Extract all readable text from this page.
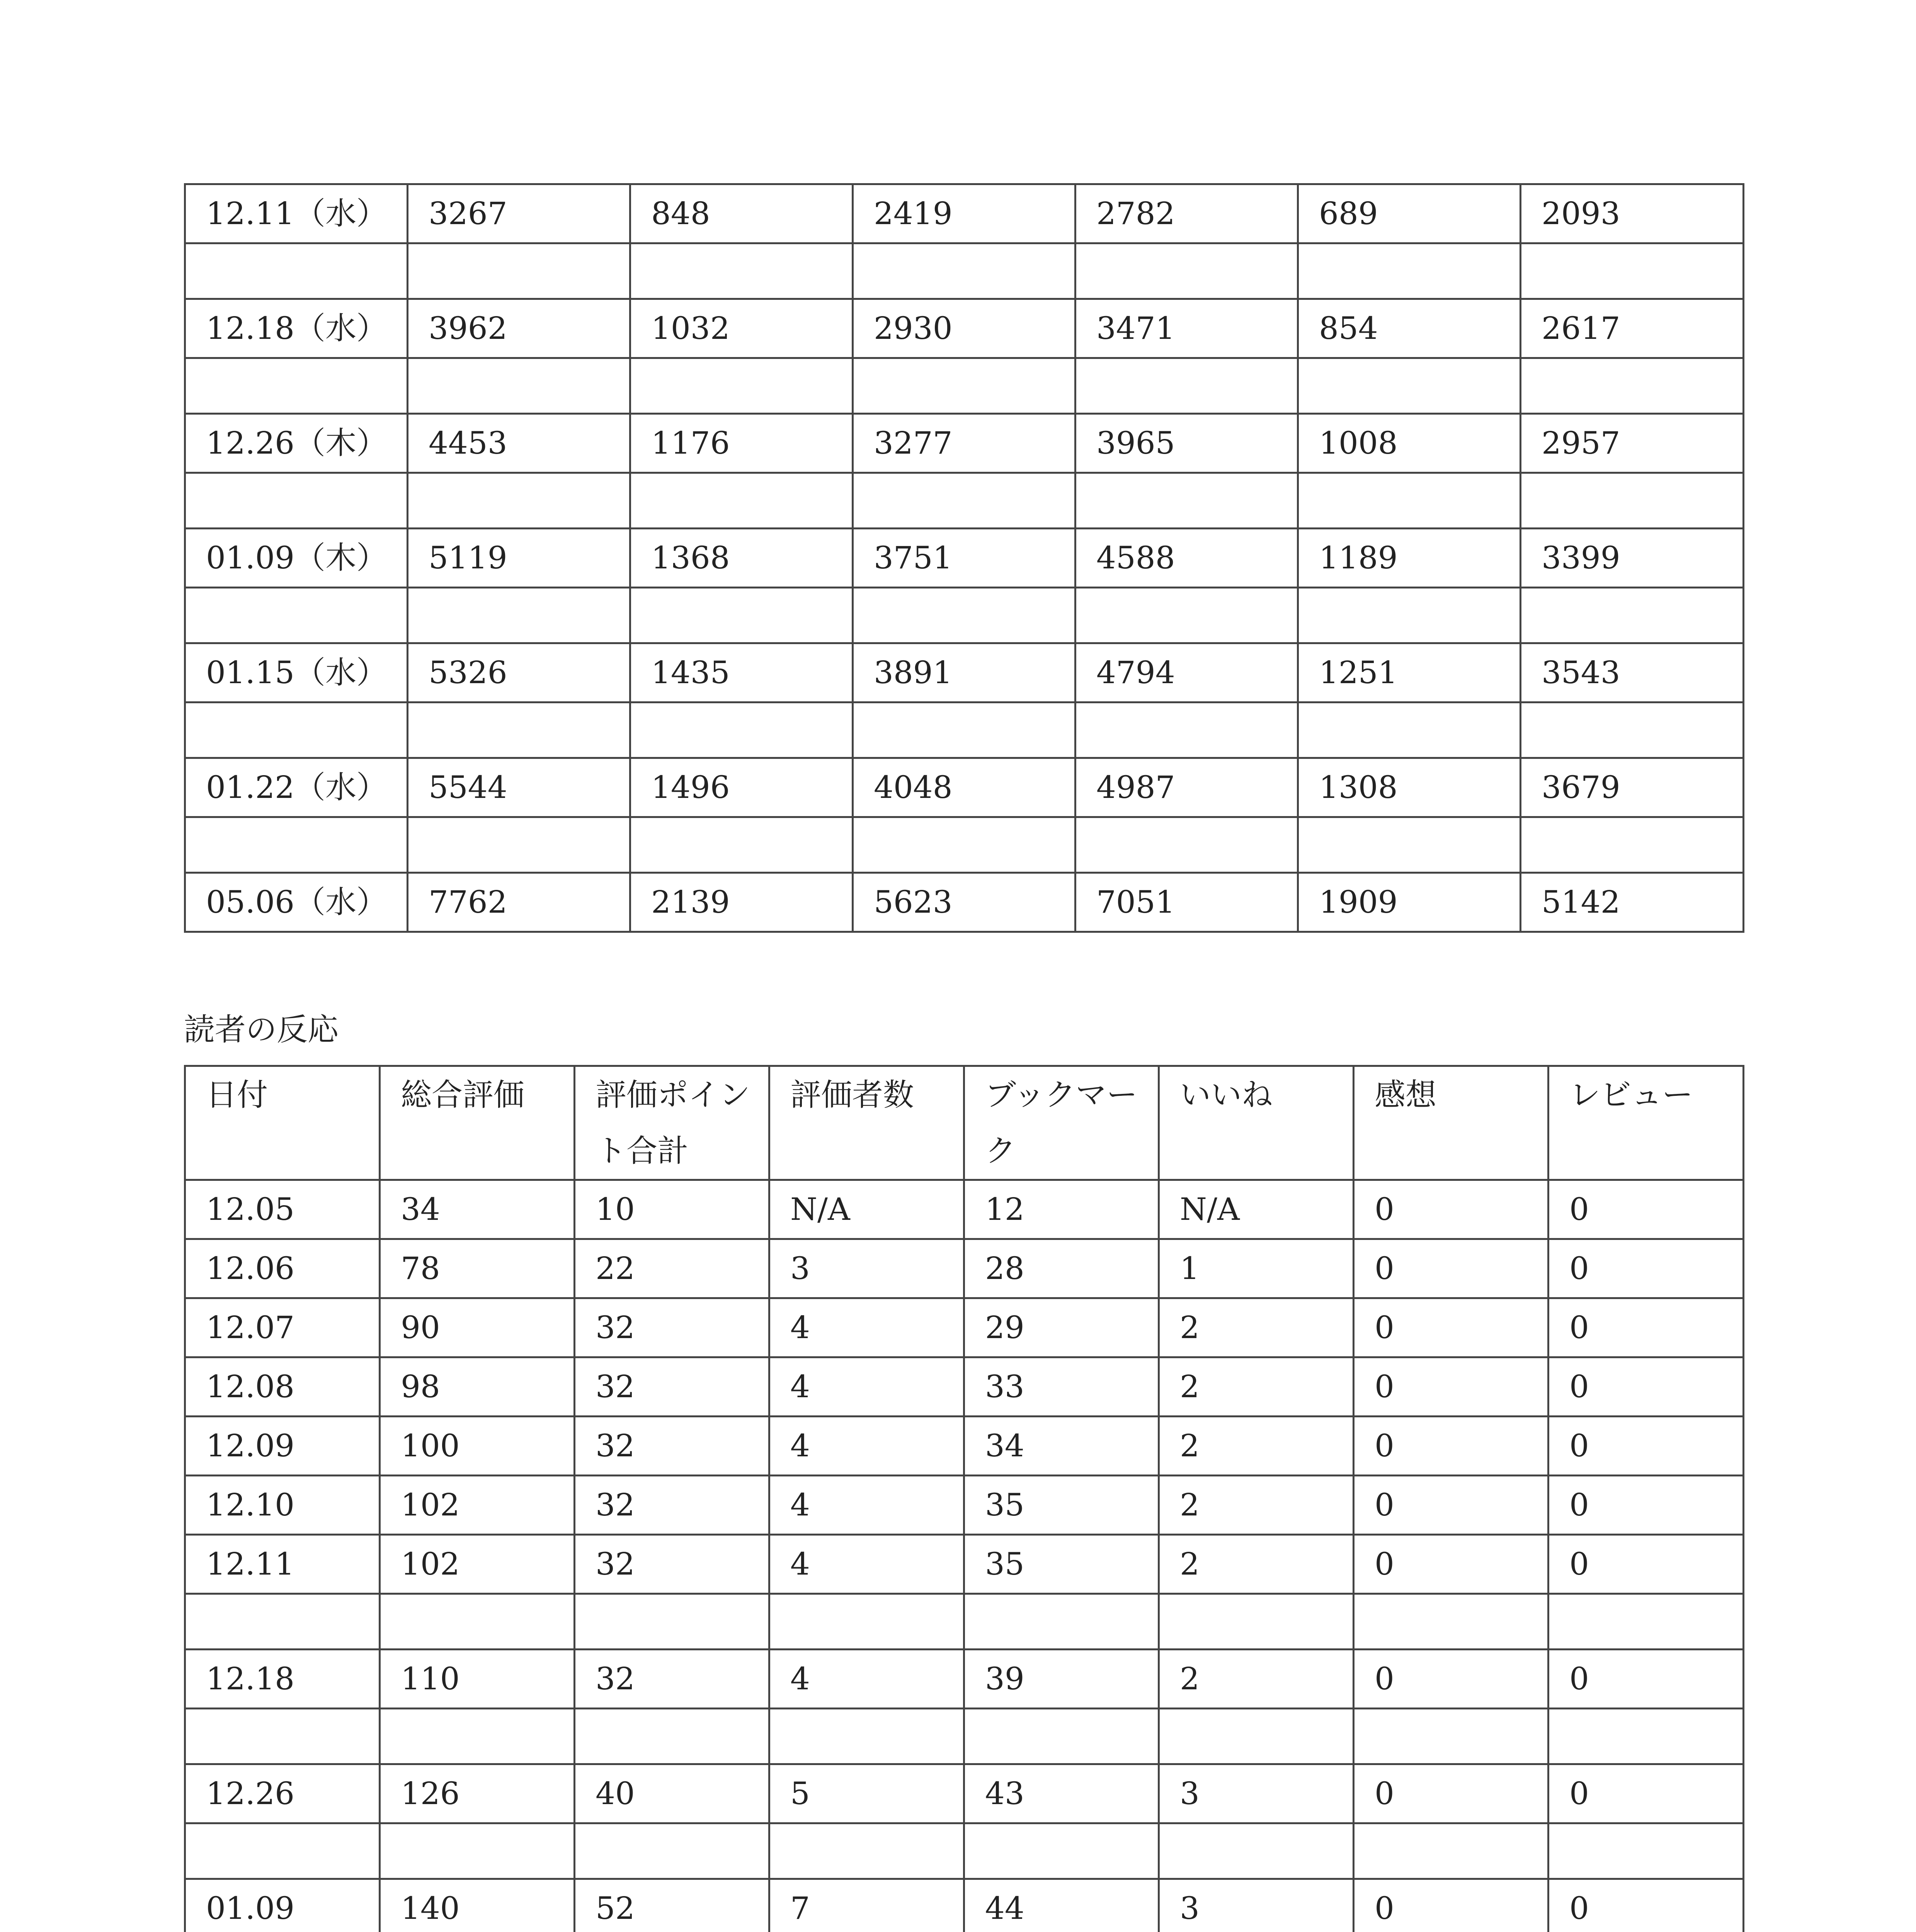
12.11（水）	3267	848	2419	2782	689	2093

12.18（水）	3962	1032	2930	3471	854	2617

12.26（木）	4453	1176	3277	3965	1008	2957

01.09（木）	5119	1368	3751	4588	1189	3399

01.15（水）	5326	1435	3891	4794	1251	3543

01.22（水）	5544	1496	4048	4987	1308	3679

05.06（水）	7762	2139	5623	7051	1909	5142
読者の反応
日付	総合評価	評価ポイント合計	評価者数	ブックマーク	いいね	感想	レビュー
12.05	34	10	N/A	12	N/A	0	0
12.06	78	22	3	28	1	0	0
12.07	90	32	4	29	2	0	0
12.08	98	32	4	33	2	0	0
12.09	100	32	4	34	2	0	0
12.10	102	32	4	35	2	0	0
12.11	102	32	4	35	2	0	0

12.18	110	32	4	39	2	0	0

12.26	126	40	5	43	3	0	0

01.09	140	52	7	44	3	0	0
